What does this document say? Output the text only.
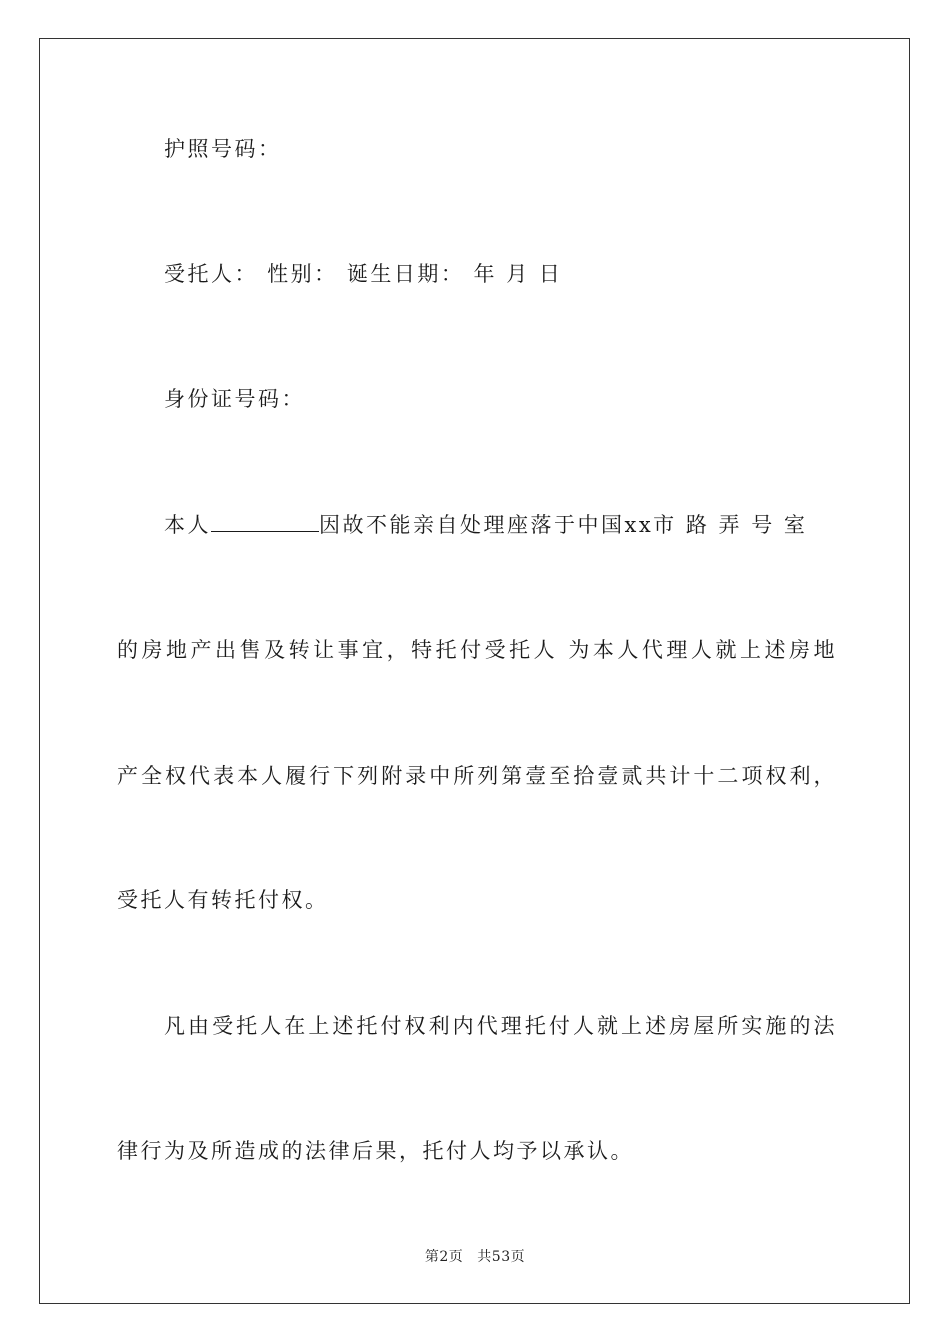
护照号码：
受托人： 性别： 诞生日期： 年 月 日
身份证号码：
本人	因故不能亲自处理座落于中国xx市 路 弄 号 室
的房地产出售及转让事宜，特托付受托人 为本人代理人就上述房地
产全权代表本人履行下列附录中所列第壹至拾壹贰共计十二项权利，
受托人有转托付权。
凡由受托人在上述托付权利内代理托付人就上述房屋所实施的法
律行为及所造成的法律后果，托付人均予以承认。
第2页 共53页
